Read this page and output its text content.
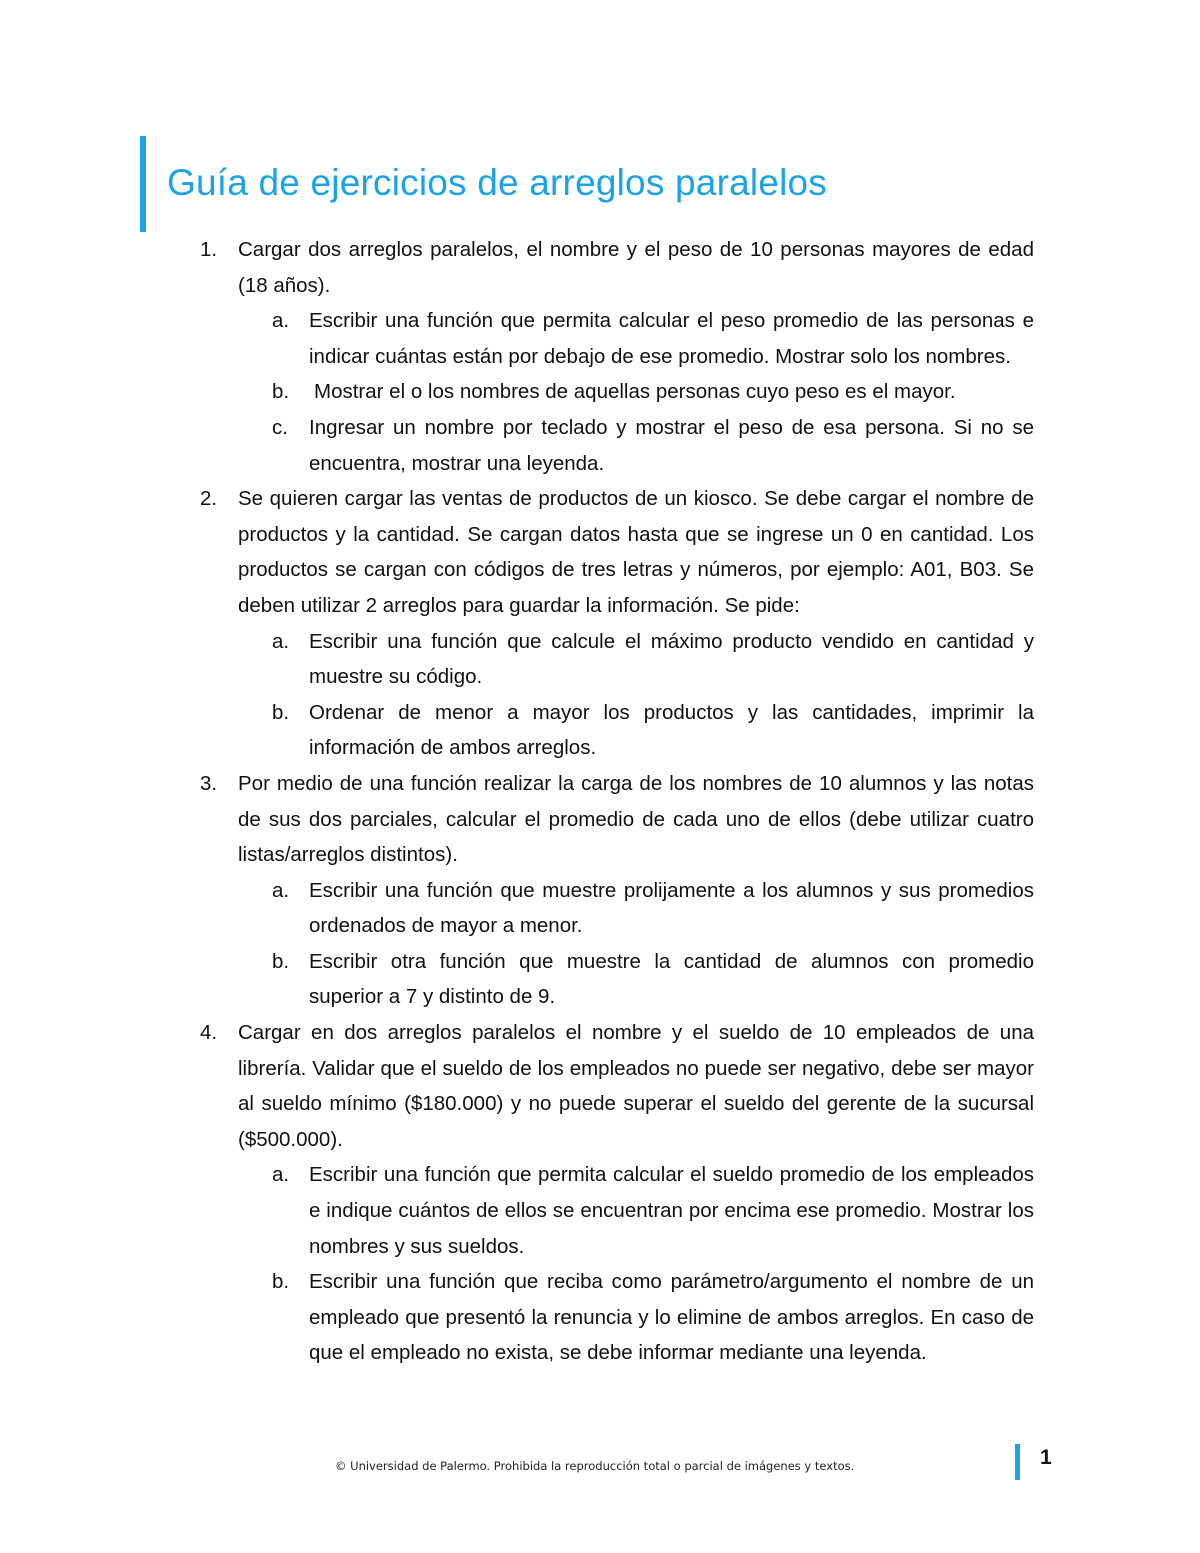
Guía de ejercicios de arreglos paralelos
1.	Cargar dos arreglos paralelos, el nombre y el peso de 10 personas mayores de edad (18 años).
a. Escribir una función que permita calcular el peso promedio de las personas e indicar cuántas están por debajo de ese promedio. Mostrar solo los nombres.
b.	Mostrar el o los nombres de aquellas personas cuyo peso es el mayor.
c.	Ingresar un nombre por teclado y mostrar el peso de esa persona. Si no se encuentra, mostrar una leyenda.
2.	Se quieren cargar las ventas de productos de un kiosco. Se debe cargar el nombre de productos y la cantidad. Se cargan datos hasta que se ingrese un 0 en cantidad. Los productos se cargan con códigos de tres letras y números, por ejemplo: A01, B03. Se deben utilizar 2 arreglos para guardar la información. Se pide:
a. Escribir una función que calcule el máximo producto vendido en cantidad y muestre su código.
b. Ordenar de menor a mayor los productos y las cantidades, imprimir la información de ambos arreglos.
3.	Por medio de una función realizar la carga de los nombres de 10 alumnos y las notas de sus dos parciales, calcular el promedio de cada uno de ellos (debe utilizar cuatro listas/arreglos distintos).
a. Escribir una función que muestre prolijamente a los alumnos y sus promedios ordenados de mayor a menor.
b. Escribir otra función que muestre la cantidad de alumnos con promedio superior a 7 y distinto de 9.
4.	Cargar en dos arreglos paralelos el nombre y el sueldo de 10 empleados de una librería. Validar que el sueldo de los empleados no puede ser negativo, debe ser mayor al sueldo mínimo ($180.000) y no puede superar el sueldo del gerente de la sucursal ($500.000).
a. Escribir una función que permita calcular el sueldo promedio de los empleados e indique cuántos de ellos se encuentran por encima ese promedio. Mostrar los nombres y sus sueldos.
b. Escribir una función que reciba como parámetro/argumento el nombre de un empleado que presentó la renuncia y lo elimine de ambos arreglos. En caso de que el empleado no exista, se debe informar mediante una leyenda.
© Universidad de Palermo. Prohibida la reproducción total o parcial de imágenes y textos.	1
